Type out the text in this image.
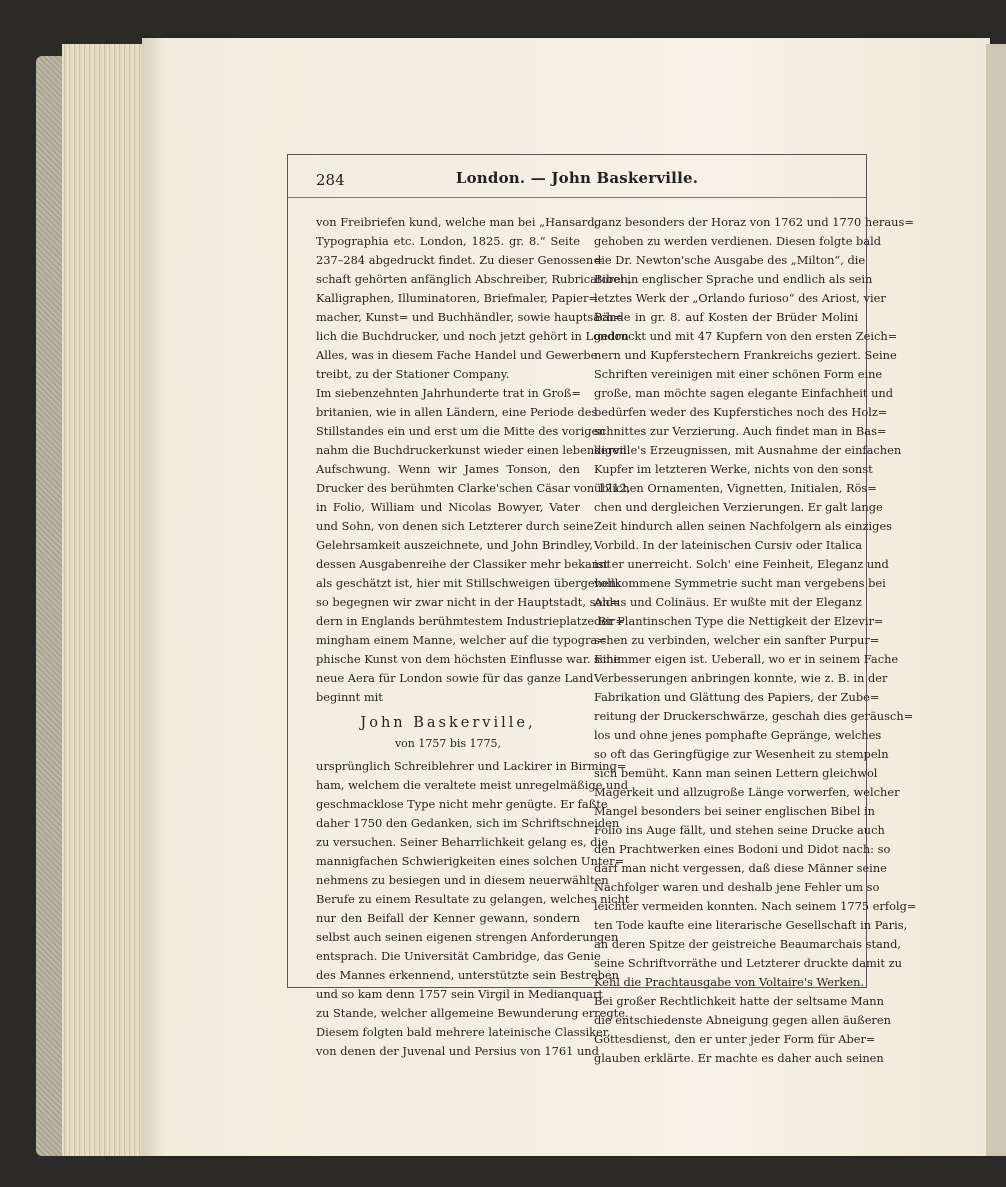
284	London. — John Baskerville.
von Freibriefen kund, welche man bei „Hansard,
Typographia etc. London, 1825. gr. 8.“ Seite
237–284 abgedruckt findet. Zu dieser Genossen=
schaft gehörten anfänglich Abschreiber, Rubricatoren,
Kalligraphen, Illuminatoren, Briefmaler, Papier=
macher, Kunst= und Buchhändler, sowie hauptsäch=
lich die Buchdrucker, und noch jetzt gehört in London
Alles, was in diesem Fache Handel und Gewerbe
treibt, zu der Stationer Company.
Im siebenzehnten Jahrhunderte trat in Groß=
britanien, wie in allen Ländern, eine Periode des
Stillstandes ein und erst um die Mitte des vorigen
nahm die Buchdruckerkunst wieder einen lebendigen
Aufschwung. Wenn wir James Tonson, den
Drucker des berühmten Clarke'schen Cäsar von 1712,
in Folio, William und Nicolas Bowyer, Vater
und Sohn, von denen sich Letzterer durch seine
Gelehrsamkeit auszeichnete, und John Brindley,
dessen Ausgabenreihe der Classiker mehr bekannt
als geschätzt ist, hier mit Stillschweigen übergehen:
so begegnen wir zwar nicht in der Hauptstadt, son=
dern in Englands berühmtestem Industrieplatze Bir=
mingham einem Manne, welcher auf die typogra=
phische Kunst von dem höchsten Einflusse war. Eine
neue Aera für London sowie für das ganze Land
beginnt mit
John Baskerville,
von 1757 bis 1775,
ursprünglich Schreiblehrer und Lackirer in Birming=
ham, welchem die veraltete meist unregelmäßige und
geschmacklose Type nicht mehr genügte. Er faßte
daher 1750 den Gedanken, sich im Schriftschneiden
zu versuchen. Seiner Beharrlichkeit gelang es, die
mannigfachen Schwierigkeiten eines solchen Unter=
nehmens zu besiegen und in diesem neuerwählten
Berufe zu einem Resultate zu gelangen, welches nicht
nur den Beifall der Kenner gewann, sondern
selbst auch seinen eigenen strengen Anforderungen
entsprach. Die Universität Cambridge, das Genie
des Mannes erkennend, unterstützte sein Bestreben
und so kam denn 1757 sein Virgil in Medianquart
zu Stande, welcher allgemeine Bewunderung erregte.
Diesem folgten bald mehrere lateinische Classiker,
von denen der Juvenal und Persius von 1761 und
ganz besonders der Horaz von 1762 und 1770 heraus=
gehoben zu werden verdienen. Diesen folgte bald
die Dr. Newton'sche Ausgabe des „Milton“, die
Bibel in englischer Sprache und endlich als sein
letztes Werk der „Orlando furioso“ des Ariost, vier
Bände in gr. 8. auf Kosten der Brüder Molini
gedruckt und mit 47 Kupfern von den ersten Zeich=
nern und Kupferstechern Frankreichs geziert. Seine
Schriften vereinigen mit einer schönen Form eine
große, man möchte sagen elegante Einfachheit und
bedürfen weder des Kupferstiches noch des Holz=
schnittes zur Verzierung. Auch findet man in Bas=
kerville's Erzeugnissen, mit Ausnahme der einfachen
Kupfer im letzteren Werke, nichts von den sonst
üblichen Ornamenten, Vignetten, Initialen, Rös=
chen und dergleichen Verzierungen. Er galt lange
Zeit hindurch allen seinen Nachfolgern als einziges
Vorbild. In der lateinischen Cursiv oder Italica
ist er unerreicht. Solch' eine Feinheit, Eleganz und
vollkommene Symmetrie sucht man vergebens bei
Aldus und Colinäus. Er wußte mit der Eleganz
der Plantinschen Type die Nettigkeit der Elzevir=
schen zu verbinden, welcher ein sanfter Purpur=
schimmer eigen ist. Ueberall, wo er in seinem Fache
Verbesserungen anbringen konnte, wie z. B. in der
Fabrikation und Glättung des Papiers, der Zube=
reitung der Druckerschwärze, geschah dies geräusch=
los und ohne jenes pomphafte Gepränge, welches
so oft das Geringfügige zur Wesenheit zu stempeln
sich bemüht. Kann man seinen Lettern gleichwol
Magerkeit und allzugroße Länge vorwerfen, welcher
Mangel besonders bei seiner englischen Bibel in
Folio ins Auge fällt, und stehen seine Drucke auch
den Prachtwerken eines Bodoni und Didot nach: so
darf man nicht vergessen, daß diese Männer seine
Nachfolger waren und deshalb jene Fehler um so
leichter vermeiden konnten. Nach seinem 1775 erfolg=
ten Tode kaufte eine literarische Gesellschaft in Paris,
an deren Spitze der geistreiche Beaumarchais stand,
seine Schriftvorräthe und Letzterer druckte damit zu
Kehl die Prachtausgabe von Voltaire's Werken.
Bei großer Rechtlichkeit hatte der seltsame Mann
die entschiedenste Abneigung gegen allen äußeren
Gottesdienst, den er unter jeder Form für Aber=
glauben erklärte. Er machte es daher auch seinen
